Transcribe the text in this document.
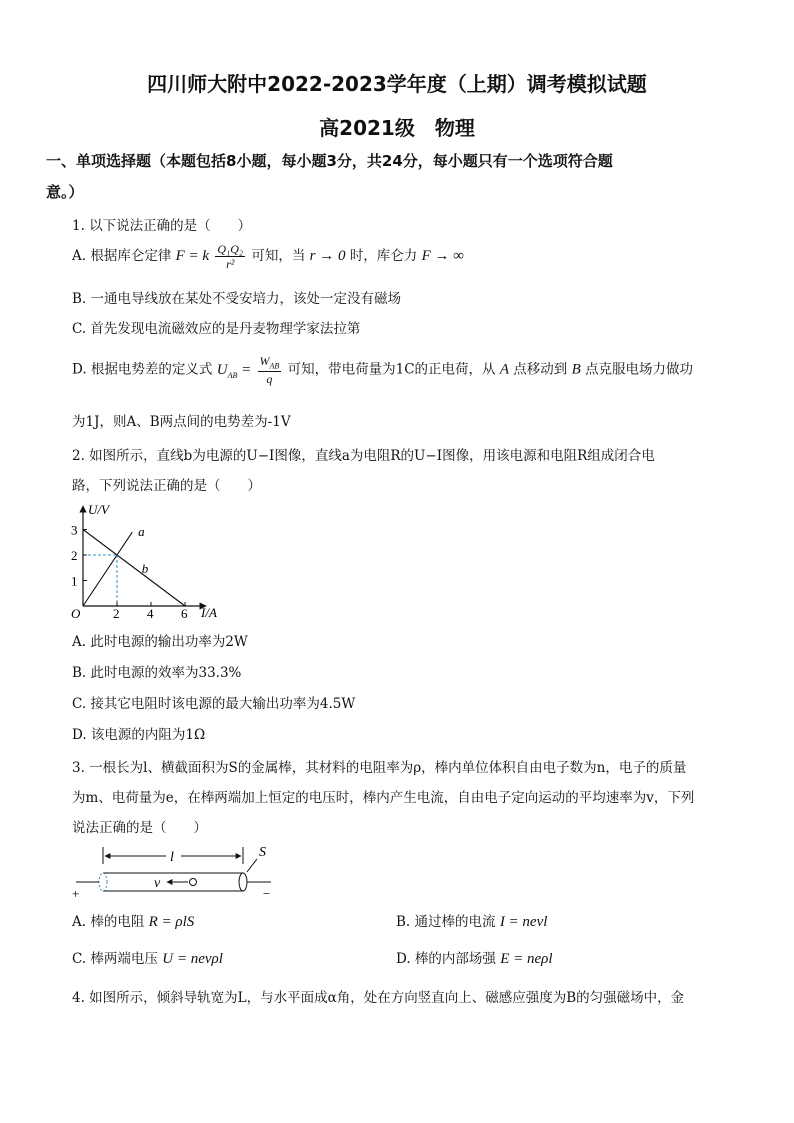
四川师大附中2022-2023学年度（上期）调考模拟试题
高2021级　物理
一、单项选择题（本题包括8小题，每小题3分，共24分，每小题只有一个选项符合题
意。）
1. 以下说法正确的是（　　）
A. 根据库仑定律 F = k $\frac{\text{Q₁Q₂}}{\text{r²}}$ 可知，当 r → 0 时，库仑力 F → ∞
B. 一通电导线放在某处不受安培力，该处一定没有磁场
C. 首先发现电流磁效应的是丹麦物理学家法拉第
D. 根据电势差的定义式 $U_{AB} = \frac{W_{AB}}{q}$ 可知，带电荷量为1C的正电荷，从 A 点移动到 B 点克服电场力做功
为1J，则A、B两点间的电势差为-1V
2. 如图所示，直线b为电源的U−I图像，直线a为电阻R的U−I图像，用该电源和电阻R组成闭合电
路，下列说法正确的是（　　）
a
b
2 4 6
1
2
3
U/V
I/A
O
A. 此时电源的输出功率为2W
B. 此时电源的效率为33.3%
C. 接其它电阻时该电源的最大输出功率为4.5W
D. 该电源的内阻为1Ω
3. 一根长为l、横截面积为S的金属棒，其材料的电阻率为ρ，棒内单位体积自由电子数为n，电子的质量
为m、电荷量为e，在棒两端加上恒定的电压时，棒内产生电流，自由电子定向运动的平均速率为v，下列
说法正确的是（　　）
l	S
+	−
v
A. 棒的电阻 R = ρlS	B. 通过棒的电流 I = nevl
C. 棒两端电压 U = nevρl	D. 棒的内部场强 E = neρl
4. 如图所示，倾斜导轨宽为L，与水平面成α角，处在方向竖直向上、磁感应强度为B的匀强磁场中，金
